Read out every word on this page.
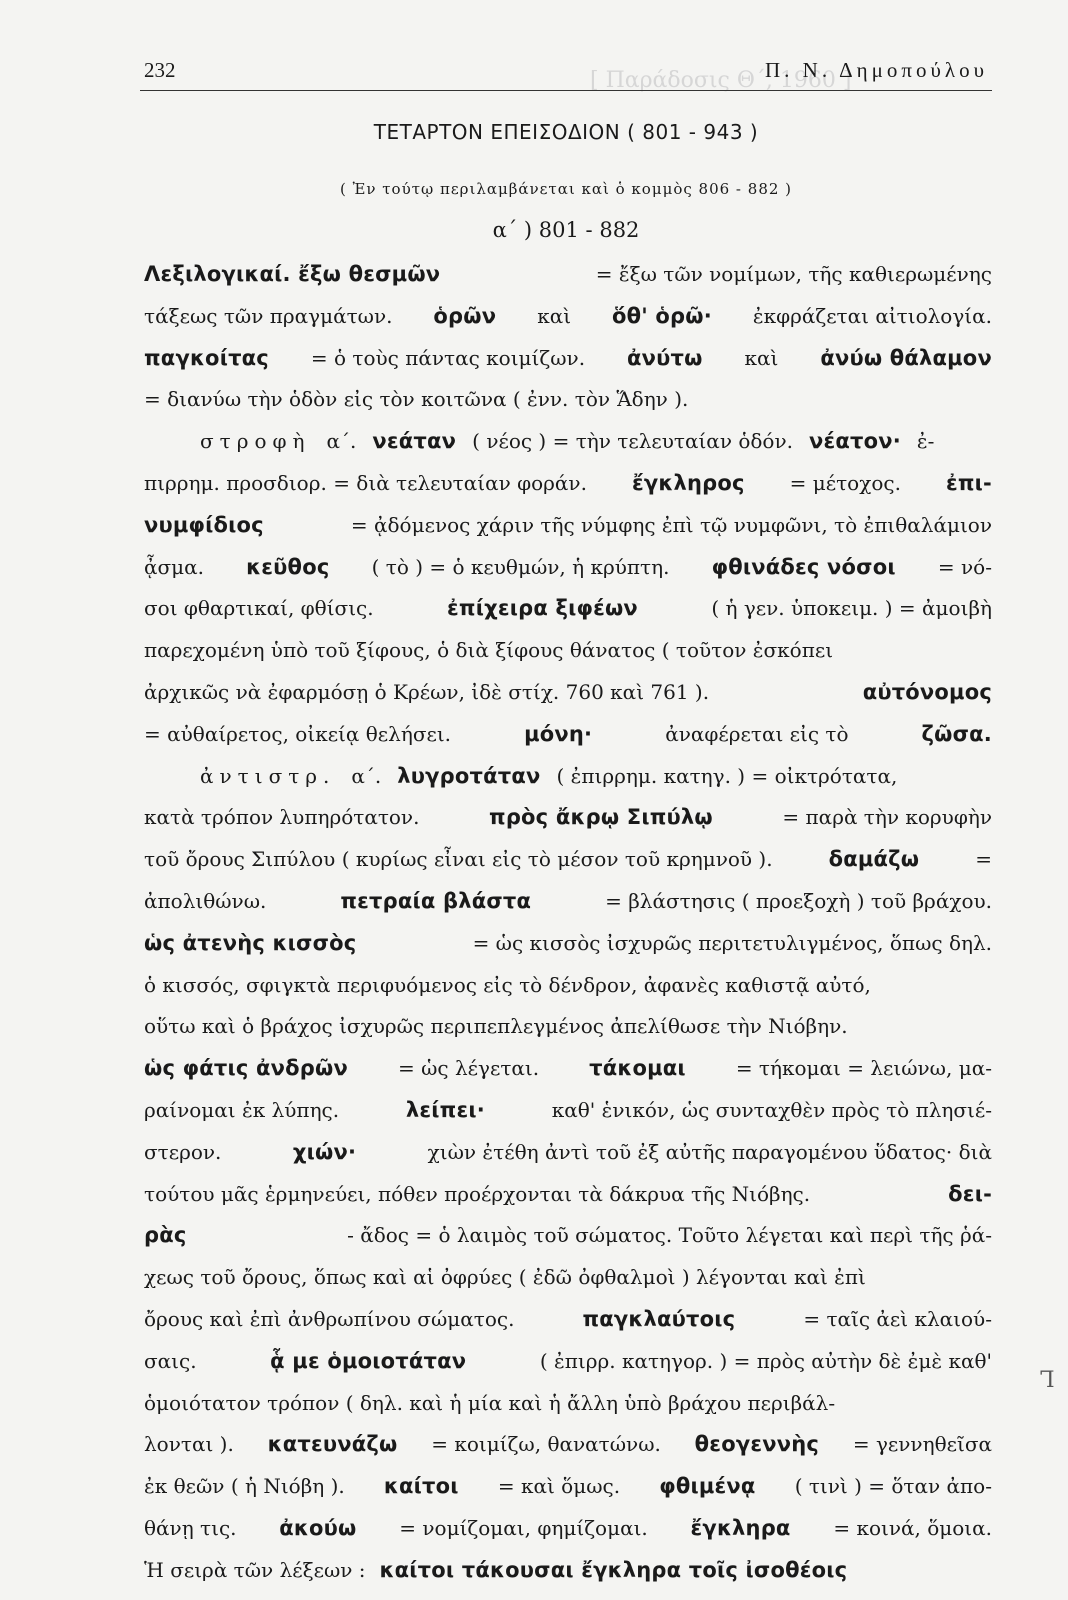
[ Παράδοσις Θ΄, 1960 ]
232	Π. Ν. Δημοπούλου
ΤΕΤΑΡΤΟΝ ΕΠΕΙΣΟΔΙΟΝ ( 801 - 943 )
( Ἐν τούτῳ περιλαμβάνεται καὶ ὁ κομμὸς 806 - 882 )
α΄ ) 801 - 882
Λεξιλογικαί. ἔξω θεσμῶν	= ἔξω τῶν νομίμων, τῆς καθιερωμένης
τάξεως τῶν πραγμάτων. ὁρῶν καὶ ὅθ' ὁρῶ· ἐκφράζεται αἰτιολογία.
παγκοίτας = ὁ τοὺς πάντας κοιμίζων. ἀνύτω καὶ ἀνύω θάλαμον
= διανύω τὴν ὁδὸν εἰς τὸν κοιτῶνα ( ἐνν. τὸν Ἅδην ).
στροφὴ α΄. νεάταν ( νέος ) = τὴν τελευταίαν ὁδόν. νέατον· ἐ-
πιρρημ. προσδιορ. = διὰ τελευταίαν φοράν. ἔγκληρος = μέτοχος. ἐπι-
νυμφίδιος	= ᾀδόμενος χάριν τῆς νύμφης ἐπὶ τῷ νυμφῶνι, τὸ ἐπιθαλάμιον
ᾆσμα. κεῦθος ( τὸ ) = ὁ κευθμών, ἡ κρύπτη. φθινάδες νόσοι = νό-
σοι φθαρτικαί, φθίσις.	ἐπίχειρα ξιφέων	( ἡ γεν. ὑποκειμ. ) = ἀμοιβὴ
παρεχομένη ὑπὸ τοῦ ξίφους, ὁ διὰ ξίφους θάνατος ( τοῦτον ἐσκόπει
ἀρχικῶς νὰ ἐφαρμόσῃ ὁ Κρέων, ἰδὲ στίχ. 760 καὶ 761 ).	αὐτόνομος
= αὐθαίρετος, οἰκείᾳ θελήσει.	μόνη·	ἀναφέρεται εἰς τὸ	ζῶσα.
ἀντιστρ. α΄. λυγροτάταν ( ἐπιρρημ. κατηγ. ) = οἰκτρότατα,
κατὰ τρόπον λυπηρότατον.	πρὸς ἄκρῳ Σιπύλῳ	= παρὰ τὴν κορυφὴν
τοῦ ὄρους Σιπύλου ( κυρίως εἶναι εἰς τὸ μέσον τοῦ κρημνοῦ ).	δαμάζω	=
ἀπολιθώνω.	πετραία βλάστα	= βλάστησις ( προεξοχὴ ) τοῦ βράχου.
ὡς ἀτενὴς κισσὸς	= ὡς κισσὸς ἰσχυρῶς περιτετυλιγμένος, ὅπως δηλ.
ὁ κισσός, σφιγκτὰ περιφυόμενος εἰς τὸ δένδρον, ἀφανὲς καθιστᾷ αὐτό,
οὕτω καὶ ὁ βράχος ἰσχυρῶς περιπεπλεγμένος ἀπελίθωσε τὴν Νιόβην.
ὡς φάτις ἀνδρῶν	= ὡς λέγεται. τάκομαι	= τήκομαι = λειώνω, μα-
ραίνομαι ἐκ λύπης.	λείπει·	καθ' ἑνικόν, ὡς συνταχθὲν πρὸς τὸ πλησιέ-
στερον.	χιών·	χιὼν ἐτέθη ἀντὶ τοῦ ἐξ αὐτῆς παραγομένου ὕδατος· διὰ
τούτου μᾶς ἑρμηνεύει, πόθεν προέρχονται τὰ δάκρυα τῆς Νιόβης.	δει-
ρὰς	- ἄδος = ὁ λαιμὸς τοῦ σώματος. Τοῦτο λέγεται καὶ περὶ τῆς ῥά-
χεως τοῦ ὄρους, ὅπως καὶ αἱ ὀφρύες ( ἐδῶ ὀφθαλμοὶ ) λέγονται καὶ ἐπὶ
ὄρους καὶ ἐπὶ ἀνθρωπίνου σώματος.	παγκλαύτοις	= ταῖς ἀεὶ κλαιού-
σαις.	ᾇ με ὁμοιοτάταν	( ἐπιρρ. κατηγορ. ) = πρὸς αὐτὴν δὲ ἐμὲ καθ'
ὁμοιότατον τρόπον ( δηλ. καὶ ἡ μία καὶ ἡ ἄλλη ὑπὸ βράχου περιβάλ-
λονται ). κατευνάζω = κοιμίζω, θανατώνω. θεογεννὴς = γεννηθεῖσα
ἐκ θεῶν ( ἡ Νιόβη ). καίτοι = καὶ ὅμως. φθιμένᾳ ( τινὶ ) = ὅταν ἀπο-
θάνῃ τις. ἀκούω = νομίζομαι, φημίζομαι. ἔγκληρα = κοινά, ὅμοια.
Ἡ σειρὰ τῶν λέξεων : καίτοι τάκουσαι ἔγκληρα τοῖς ἰσοθέοις
Ꞁ
